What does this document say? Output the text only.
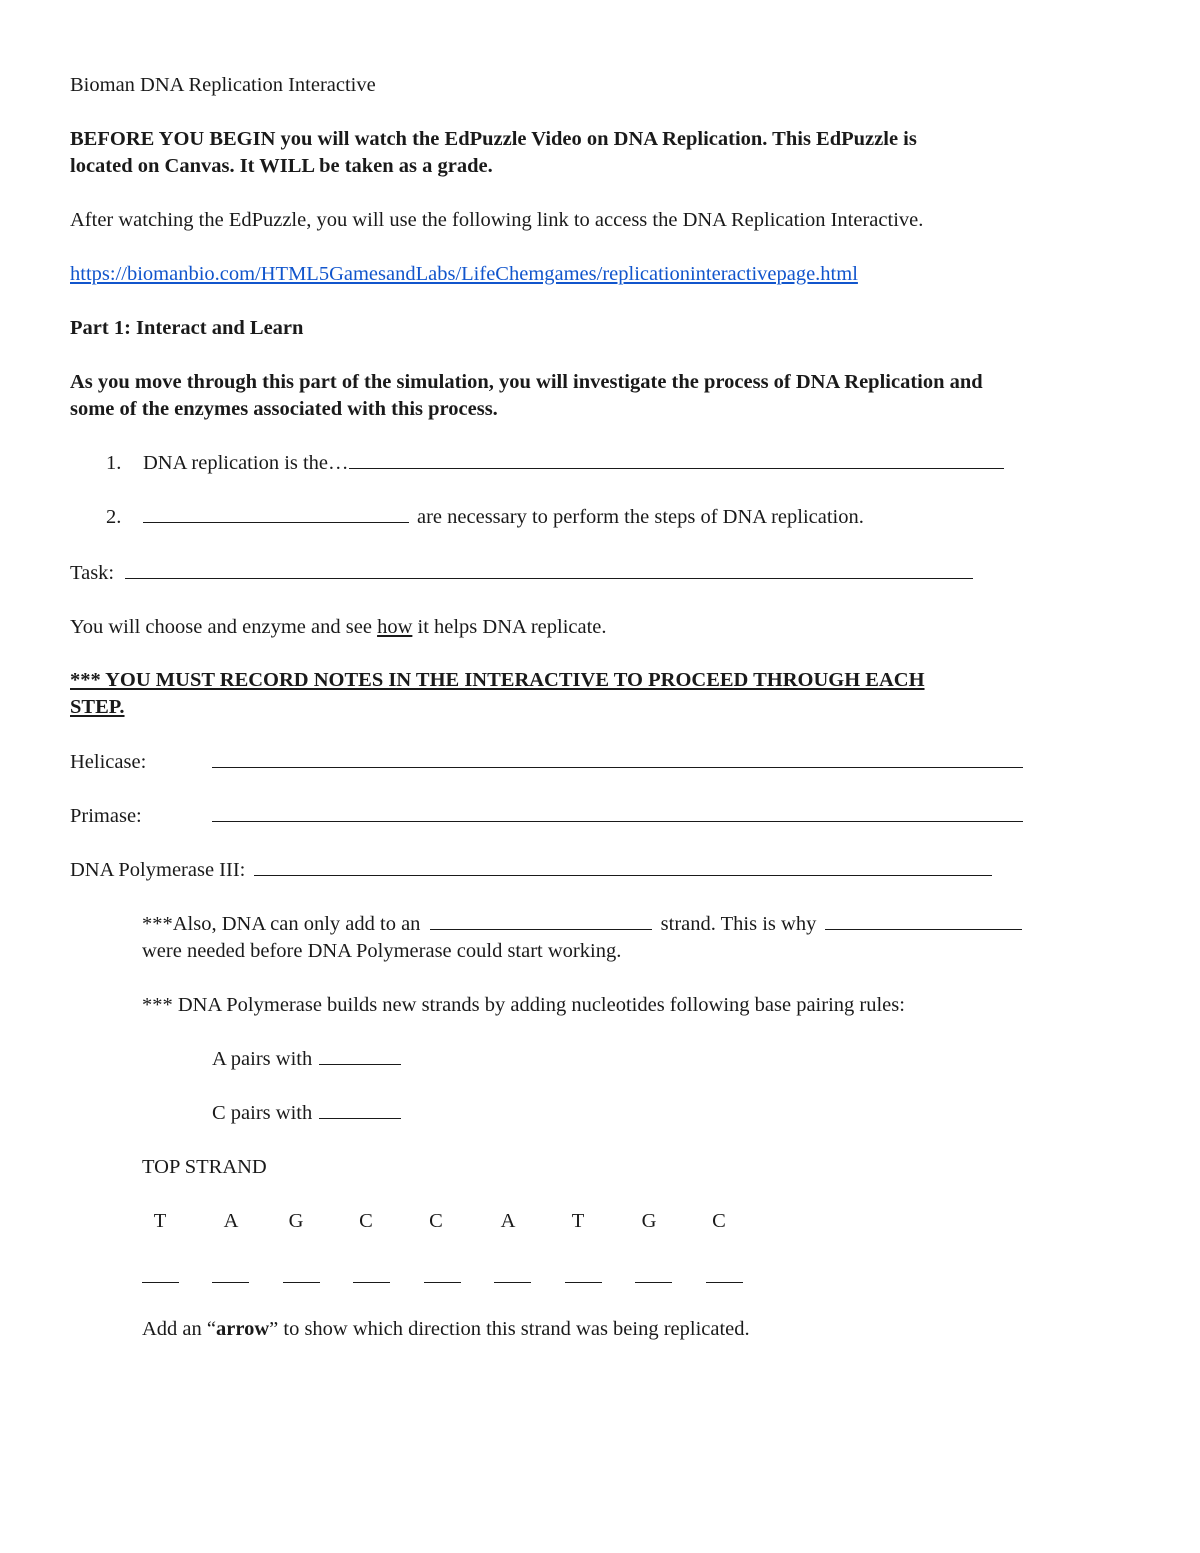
Bioman DNA Replication Interactive
BEFORE YOU BEGIN you will watch the EdPuzzle Video on DNA Replication. This EdPuzzle is
located on Canvas. It WILL be taken as a grade.
After watching the EdPuzzle, you will use the following link to access the DNA Replication Interactive.
https://biomanbio.com/HTML5GamesandLabs/LifeChemgames/replicationinteractivepage.html
Part 1: Interact and Learn
As you move through this part of the simulation, you will investigate the process of DNA Replication and
some of the enzymes associated with this process.
1. DNA replication is the…
2.	are necessary to perform the steps of DNA replication.
Task:
You will choose and enzyme and see how it helps DNA replicate.
*** YOU MUST RECORD NOTES IN THE INTERACTIVE TO PROCEED THROUGH EACH
STEP.
Helicase:
Primase:
DNA Polymerase III:
***Also, DNA can only add to an	strand. This is why
were needed before DNA Polymerase could start working.
*** DNA Polymerase builds new strands by adding nucleotides following base pairing rules:
A pairs with
C pairs with
TOP STRAND
T	A	G	C	C	A	T	G	C
Add an “arrow” to show which direction this strand was being replicated.
